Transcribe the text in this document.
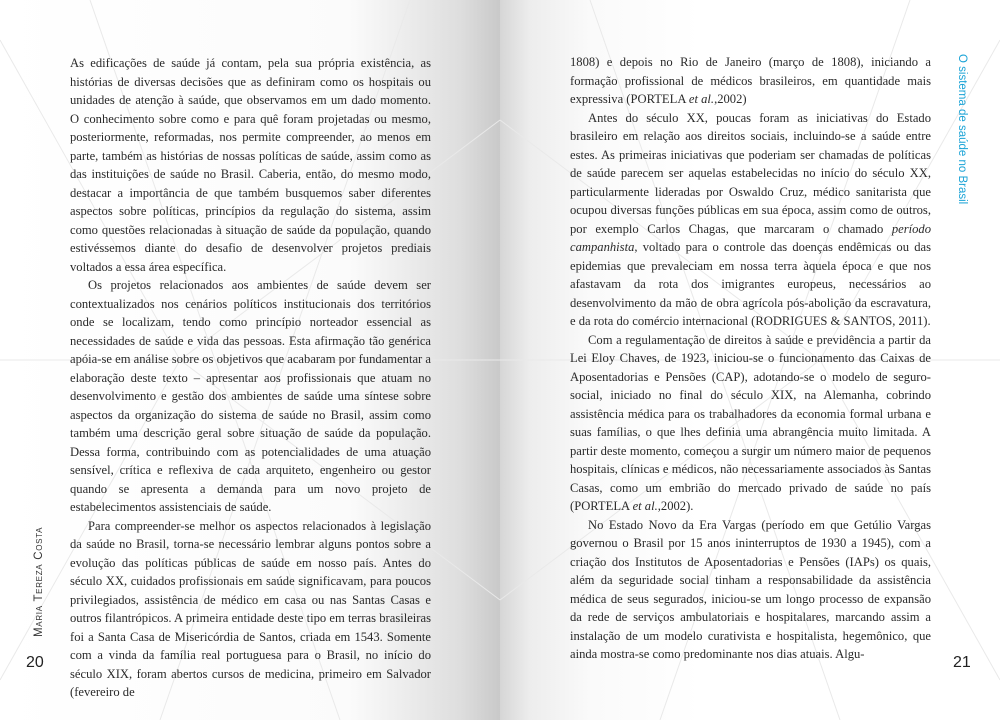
As edificações de saúde já contam, pela sua própria existência, as histórias de diversas decisões que as definiram como os hospitais ou unidades de atenção à saúde, que observamos em um dado momento. O conhecimento sobre como e para quê foram projetadas ou mesmo, posteriormente, reformadas, nos permite compreender, ao menos em parte, também as histórias de nossas políticas de saúde, assim como as das instituições de saúde no Brasil. Caberia, então, do mesmo modo, destacar a importância de que também busquemos saber diferentes aspectos sobre políticas, princípios da regulação do sistema, assim como questões relacionadas à situação de saúde da população, quando estivéssemos diante do desafio de desenvolver projetos prediais voltados a essa área específica.

Os projetos relacionados aos ambientes de saúde devem ser contextualizados nos cenários políticos institucionais dos territórios onde se localizam, tendo como princípio norteador essencial as necessidades de saúde e vida das pessoas. Esta afirmação tão genérica apóia-se em análise sobre os objetivos que acabaram por fundamentar a elaboração deste texto – apresentar aos profissionais que atuam no desenvolvimento e gestão dos ambientes de saúde uma síntese sobre aspectos da organização do sistema de saúde no Brasil, assim como também uma descrição geral sobre situação de saúde da população. Dessa forma, contribuindo com as potencialidades de uma atuação sensível, crítica e reflexiva de cada arquiteto, engenheiro ou gestor quando se apresenta a demanda para um novo projeto de estabelecimentos assistenciais de saúde.

Para compreender-se melhor os aspectos relacionados à legislação da saúde no Brasil, torna-se necessário lembrar alguns pontos sobre a evolução das políticas públicas de saúde em nosso país. Antes do século XX, cuidados profissionais em saúde significavam, para poucos privilegiados, assistência de médico em casa ou nas Santas Casas e outros filantrópicos. A primeira entidade deste tipo em terras brasileiras foi a Santa Casa de Misericórdia de Santos, criada em 1543. Somente com a vinda da família real portuguesa para o Brasil, no início do século XIX, foram abertos cursos de medicina, primeiro em Salvador (fevereiro de

Maria Tereza Costa
20

1808) e depois no Rio de Janeiro (março de 1808), iniciando a formação profissional de médicos brasileiros, em quantidade mais expressiva (PORTELA et al.,2002)

Antes do século XX, poucas foram as iniciativas do Estado brasileiro em relação aos direitos sociais, incluindo-se a saúde entre estes. As primeiras iniciativas que poderiam ser chamadas de políticas de saúde parecem ser aquelas estabelecidas no início do século XX, particularmente lideradas por Oswaldo Cruz, médico sanitarista que ocupou diversas funções públicas em sua época, assim como de outros, por exemplo Carlos Chagas, que marcaram o chamado período campanhista, voltado para o controle das doenças endêmicas ou das epidemias que prevaleciam em nossa terra àquela época e que nos afastavam da rota dos imigrantes europeus, necessários ao desenvolvimento da mão de obra agrícola pós-abolição da escravatura, e da rota do comércio internacional (RODRIGUES & SANTOS, 2011).

Com a regulamentação de direitos à saúde e previdência a partir da Lei Eloy Chaves, de 1923, iniciou-se o funcionamento das Caixas de Aposentadorias e Pensões (CAP), adotando-se o modelo de seguro-social, iniciado no final do século XIX, na Alemanha, cobrindo assistência médica para os trabalhadores da economia formal urbana e suas famílias, o que lhes definia uma abrangência muito limitada. A partir deste momento, começou a surgir um número maior de pequenos hospitais, clínicas e médicos, não necessariamente associados às Santas Casas, como um embrião do mercado privado de saúde no país (PORTELA et al.,2002).

No Estado Novo da Era Vargas (período em que Getúlio Vargas governou o Brasil por 15 anos ininterruptos de 1930 a 1945), com a criação dos Institutos de Aposentadorias e Pensões (IAPs) os quais, além da seguridade social tinham a responsabilidade da assistência médica de seus segurados, iniciou-se um longo processo de expansão da rede de serviços ambulatoriais e hospitalares, marcando assim a instalação de um modelo curativista e hospitalista, hegemônico, que ainda mostra-se como predominante nos dias atuais. Algu-

O sistema de saúde no Brasil
21
